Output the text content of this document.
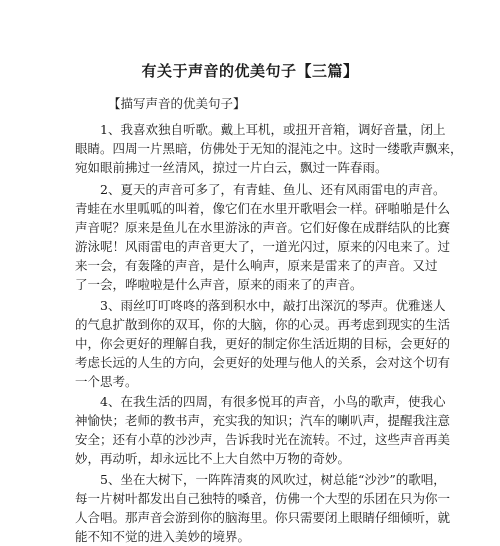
有关于声音的优美句子【三篇】
【描写声音的优美句子】
1、我喜欢独自听歌。戴上耳机，或扭开音箱，调好音量，闭上
眼睛。四周一片黑暗，仿佛处于无知的混沌之中。这时一缕歌声飘来，
宛如眼前拂过一丝清风，掠过一片白云，飘过一阵春雨。
2、夏天的声音可多了，有青蛙、鱼儿、还有风雨雷电的声音。
青蛙在水里呱呱的叫着，像它们在水里开歌唱会一样。砰啪啪是什么
声音呢？原来是鱼儿在水里游泳的声音。它们好像在成群结队的比赛
游泳呢！风雨雷电的声音更大了，一道光闪过，原来的闪电来了。过
来一会，有轰隆的声音，是什么响声，原来是雷来了的声音。又过
了一会，哗啦啦是什么声音，原来的雨来了的声音。
3、雨丝叮叮咚咚的落到积水中，敲打出深沉的琴声。优雅迷人
的气息扩散到你的双耳，你的大脑，你的心灵。再考虑到现实的生活
中，你会更好的理解自我，更好的制定你生活近期的目标，会更好的
考虑长远的人生的方向，会更好的处理与他人的关系，会对这个切有
一个思考。
4、在我生活的四周，有很多悦耳的声音，小鸟的歌声，使我心
神愉快；老师的教书声，充实我的知识；汽车的喇叭声，提醒我注意
安全；还有小草的沙沙声，告诉我时光在流转。不过，这些声音再美
妙，再动听，却永远比不上大自然中万物的奇妙。
5、坐在大树下，一阵阵清爽的风吹过，树总能“沙沙”的歌唱，
每一片树叶都发出自己独特的嗓音，仿佛一个大型的乐团在只为你一
人合唱。那声音会游到你的脑海里。你只需要闭上眼睛仔细倾听，就
能不知不觉的进入美妙的境界。
